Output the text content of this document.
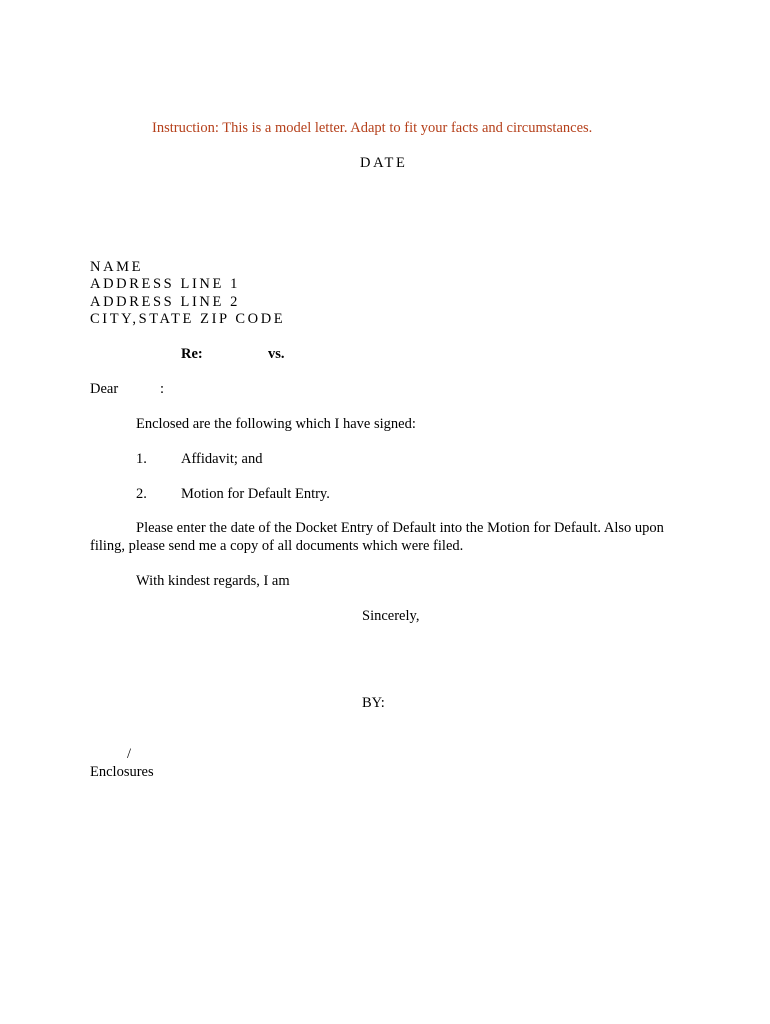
Instruction: This is a model letter. Adapt to fit your facts and circumstances.
DATE
NAME
ADDRESS LINE 1
ADDRESS LINE 2
CITY,STATE ZIP CODE
Re:	vs.
Dear	:
Enclosed are the following which I have signed:
1. Affidavit; and
2. Motion for Default Entry.
Please enter the date of the Docket Entry of Default into the Motion for Default. Also upon
filing, please send me a copy of all documents which were filed.
With kindest regards, I am
Sincerely,
BY:
/
Enclosures
